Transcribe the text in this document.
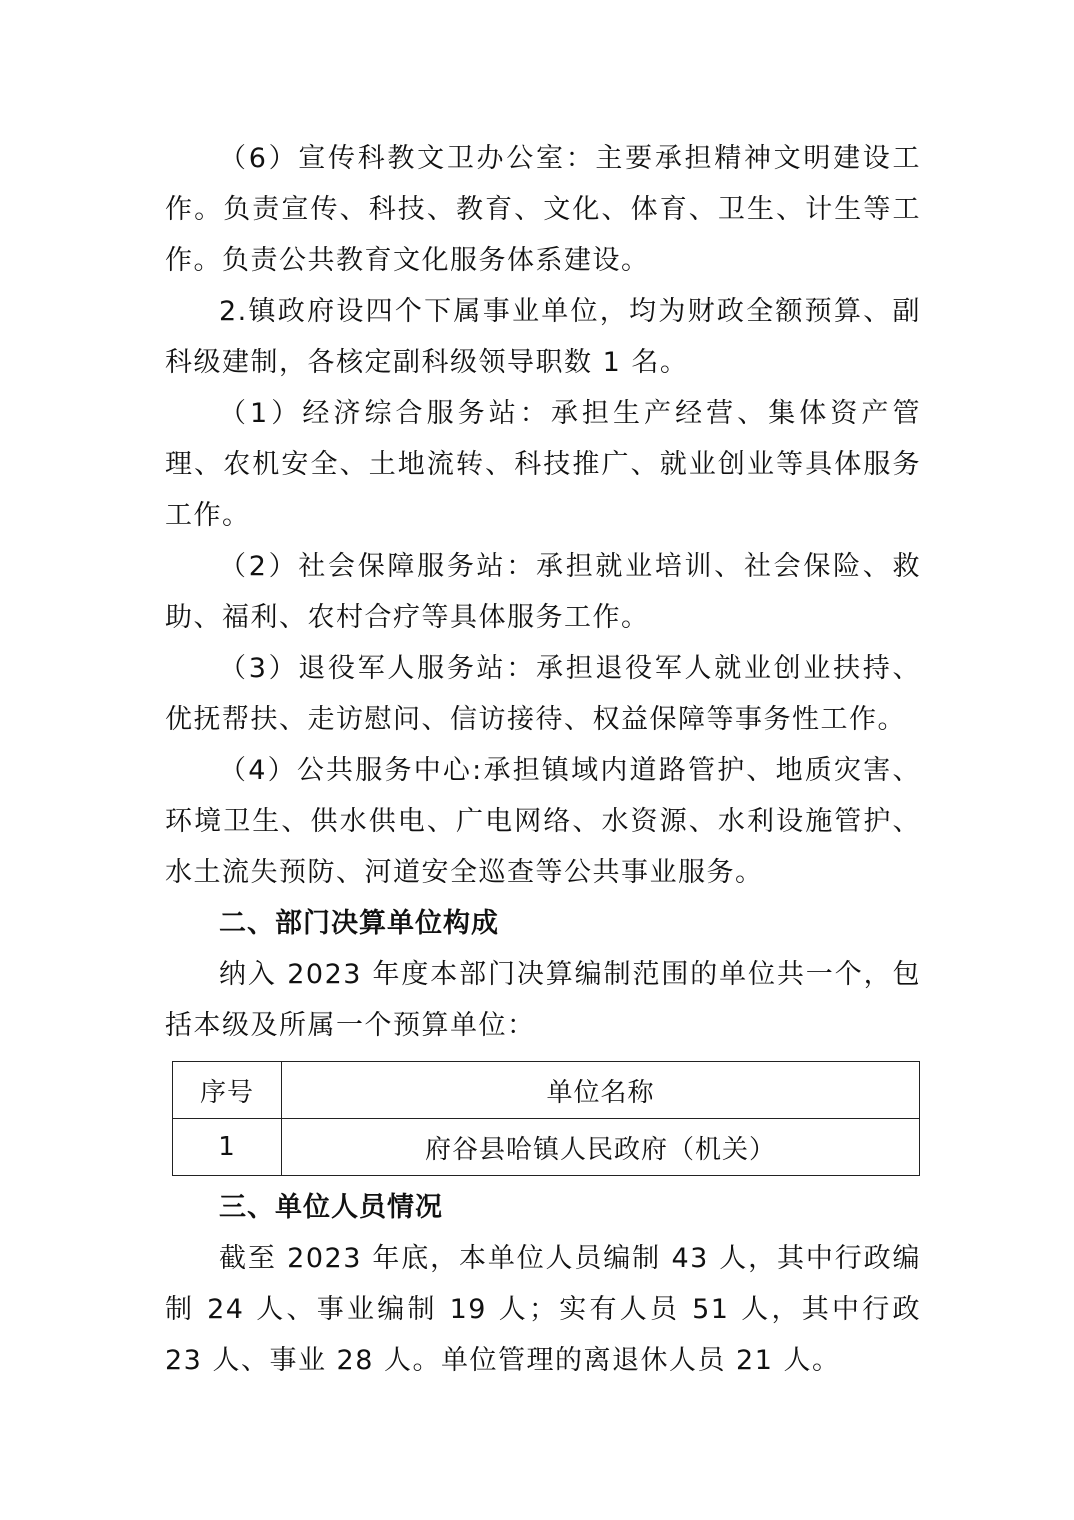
（6）宣传科教文卫办公室：主要承担精神文明建设工作。负责宣传、科技、教育、文化、体育、卫生、计生等工作。负责公共教育文化服务体系建设。

2.镇政府设四个下属事业单位，均为财政全额预算、副科级建制，各核定副科级领导职数 1 名。

（1）经济综合服务站：承担生产经营、集体资产管理、农机安全、土地流转、科技推广、就业创业等具体服务工作。

（2）社会保障服务站：承担就业培训、社会保险、救助、福利、农村合疗等具体服务工作。

（3）退役军人服务站：承担退役军人就业创业扶持、优抚帮扶、走访慰问、信访接待、权益保障等事务性工作。

（4）公共服务中心:承担镇域内道路管护、地质灾害、环境卫生、供水供电、广电网络、水资源、水利设施管护、水土流失预防、河道安全巡查等公共事业服务。

二、部门决算单位构成

纳入 2023 年度本部门决算编制范围的单位共一个，包括本级及所属一个预算单位：

序号	单位名称
1	府谷县哈镇人民政府（机关）

三、单位人员情况

截至 2023 年底，本单位人员编制 43 人，其中行政编制 24 人、事业编制 19 人；实有人员 51 人，其中行政 23 人、事业 28 人。单位管理的离退休人员 21 人。
